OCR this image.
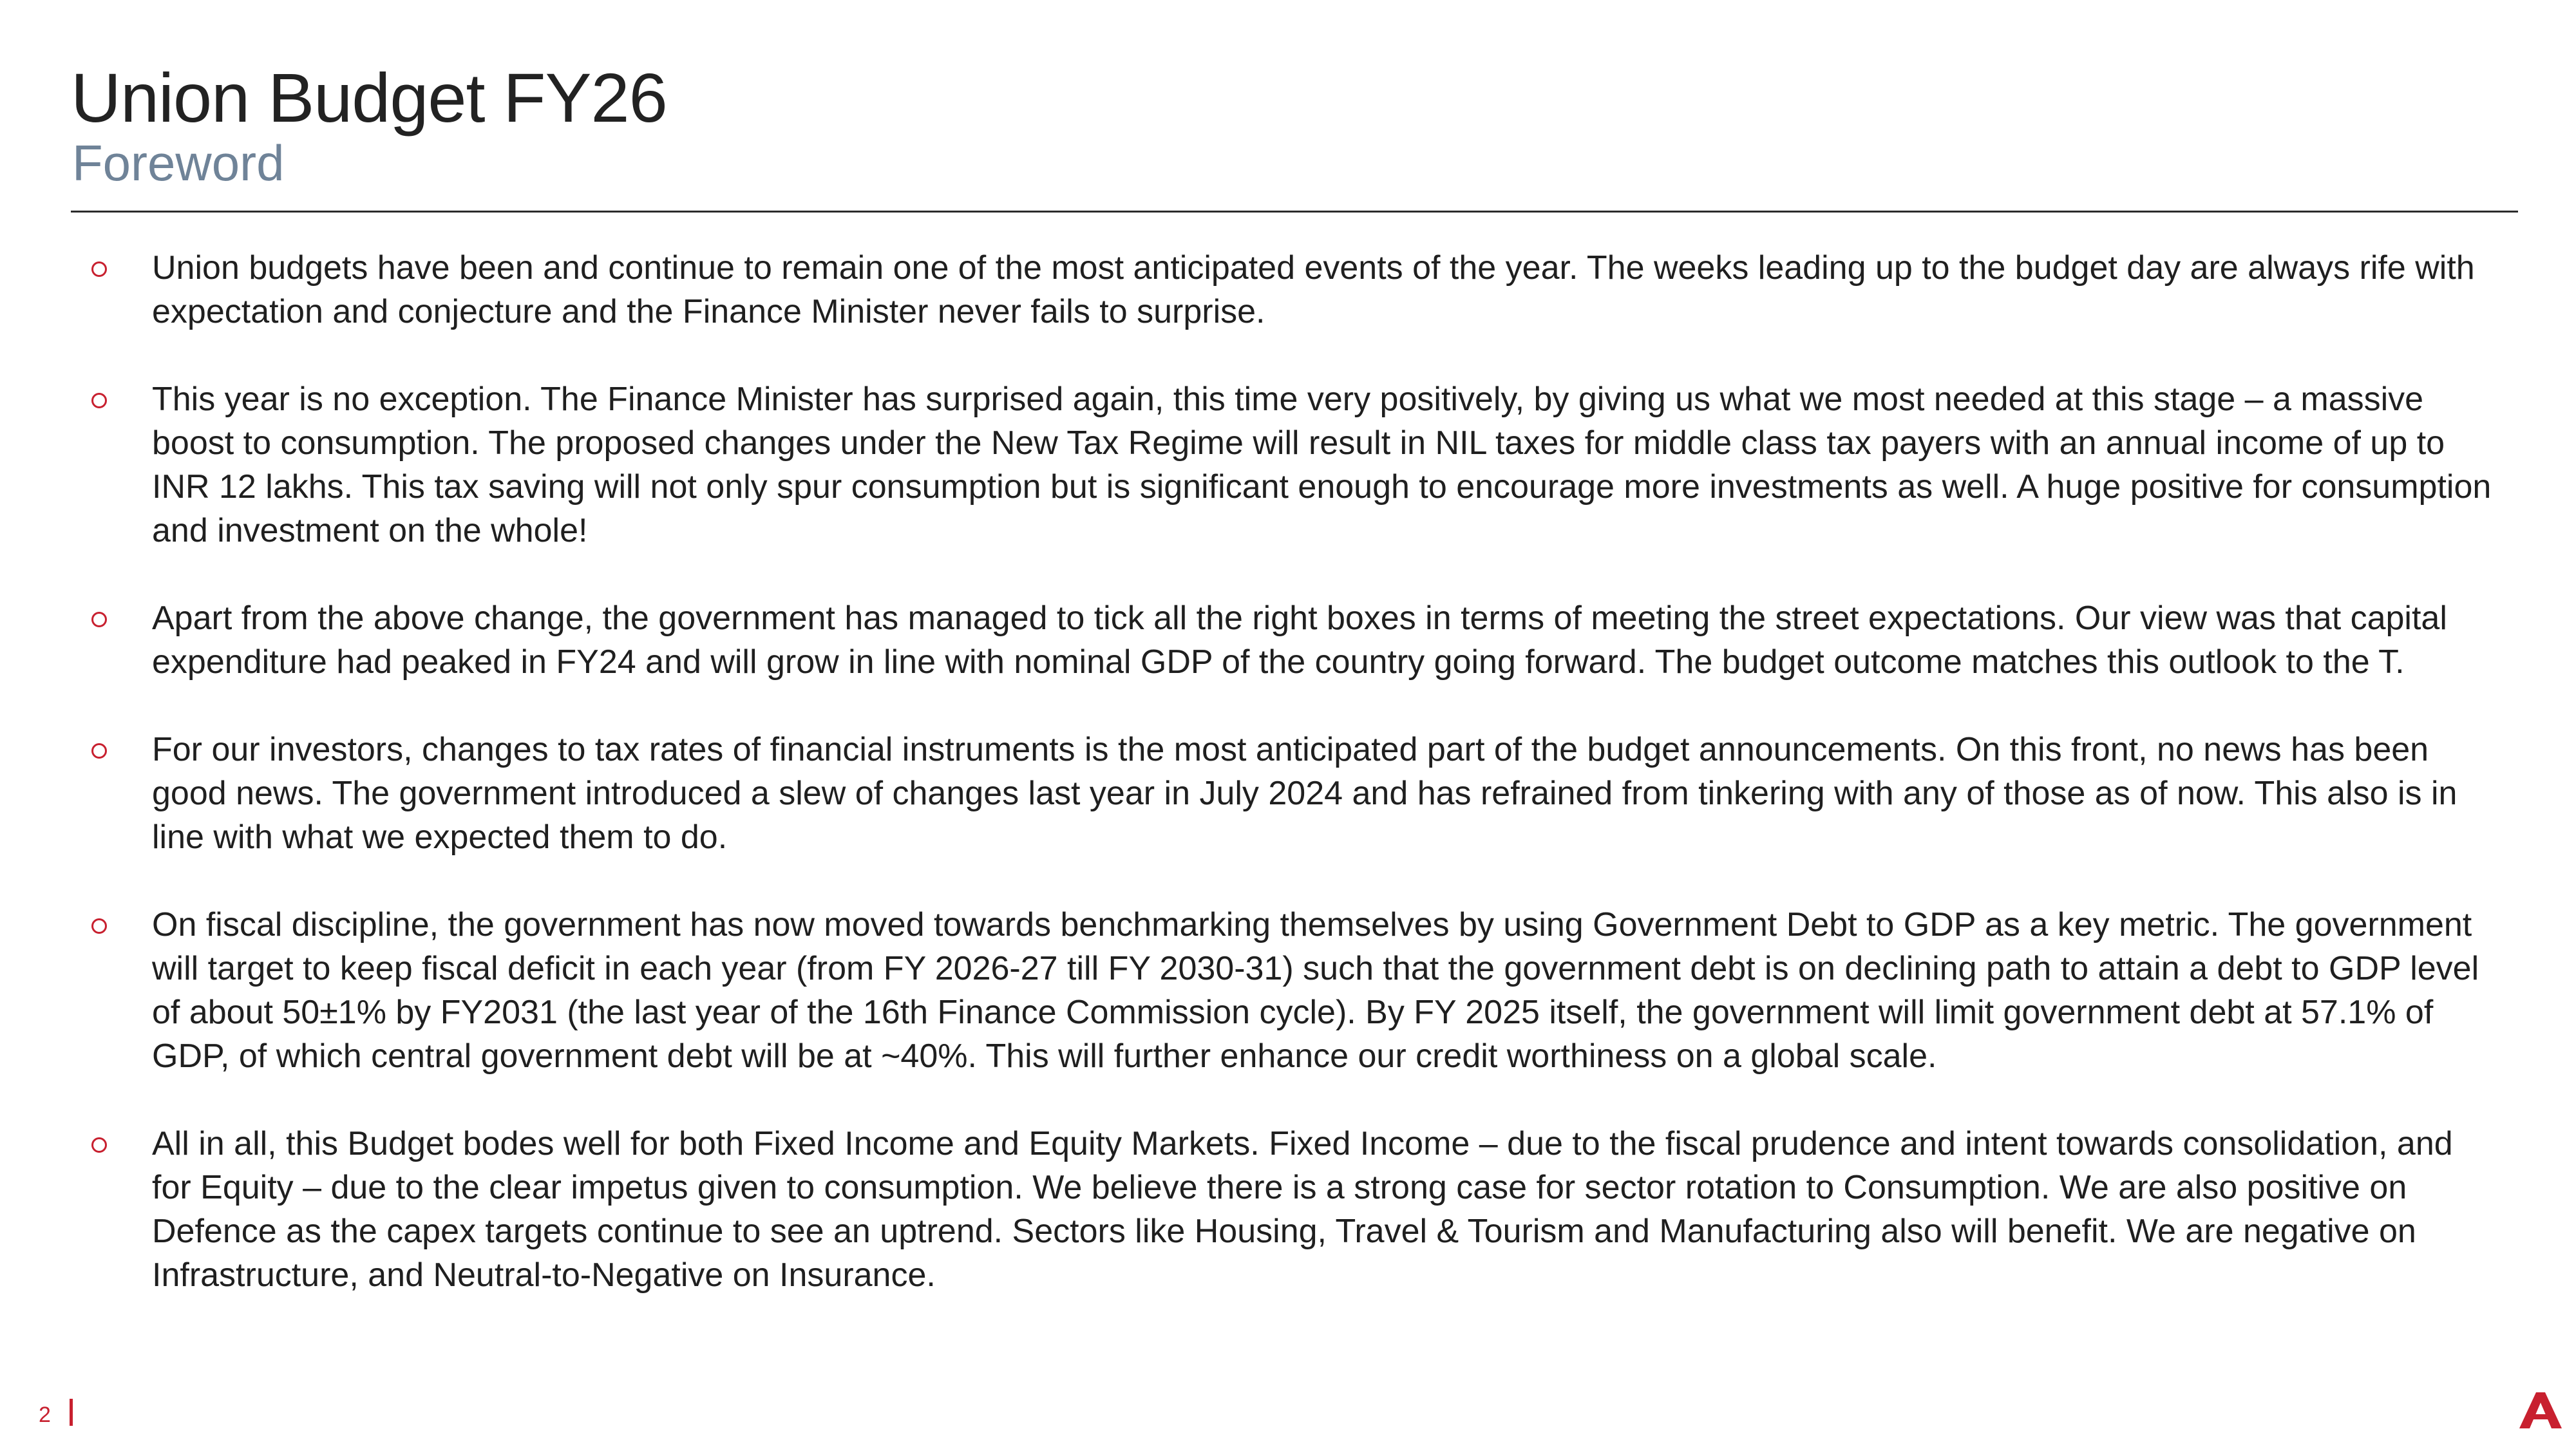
Union Budget FY26
Foreword
Union budgets have been and continue to remain one of the most anticipated events of the year. The weeks leading up to the budget day are always rife with expectation and conjecture and the Finance Minister never fails to surprise.
This year is no exception. The Finance Minister has surprised again, this time very positively, by giving us what we most needed at this stage – a massive boost to consumption. The proposed changes under the New Tax Regime will result in NIL taxes for middle class tax payers with an annual income of up to INR 12 lakhs. This tax saving will not only spur consumption but is significant enough to encourage more investments as well. A huge positive for consumption and investment on the whole!
Apart from the above change, the government has managed to tick all the right boxes in terms of meeting the street expectations. Our view was that capital expenditure had peaked in FY24 and will grow in line with nominal GDP of the country going forward. The budget outcome matches this outlook to the T.
For our investors, changes to tax rates of financial instruments is the most anticipated part of the budget announcements. On this front, no news has been good news. The government introduced a slew of changes last year in July 2024 and has refrained from tinkering with any of those as of now. This also is in line with what we expected them to do.
On fiscal discipline, the government has now moved towards benchmarking themselves by using Government Debt to GDP as a key metric. The government will target to keep fiscal deficit in each year (from FY 2026-27 till FY 2030-31) such that the government debt is on declining path to attain a debt to GDP level of about 50±1% by FY2031 (the last year of the 16th Finance Commission cycle). By FY 2025 itself, the government will limit government debt at 57.1% of GDP, of which central government debt will be at ~40%. This will further enhance our credit worthiness on a global scale.
All in all, this Budget bodes well for both Fixed Income and Equity Markets. Fixed Income – due to the fiscal prudence and intent towards consolidation, and for Equity – due to the clear impetus given to consumption. We believe there is a strong case for sector rotation to Consumption. We are also positive on Defence as the capex targets continue to see an uptrend. Sectors like Housing, Travel & Tourism and Manufacturing also will benefit. We are negative on Infrastructure, and Neutral-to-Negative on Insurance.
2
